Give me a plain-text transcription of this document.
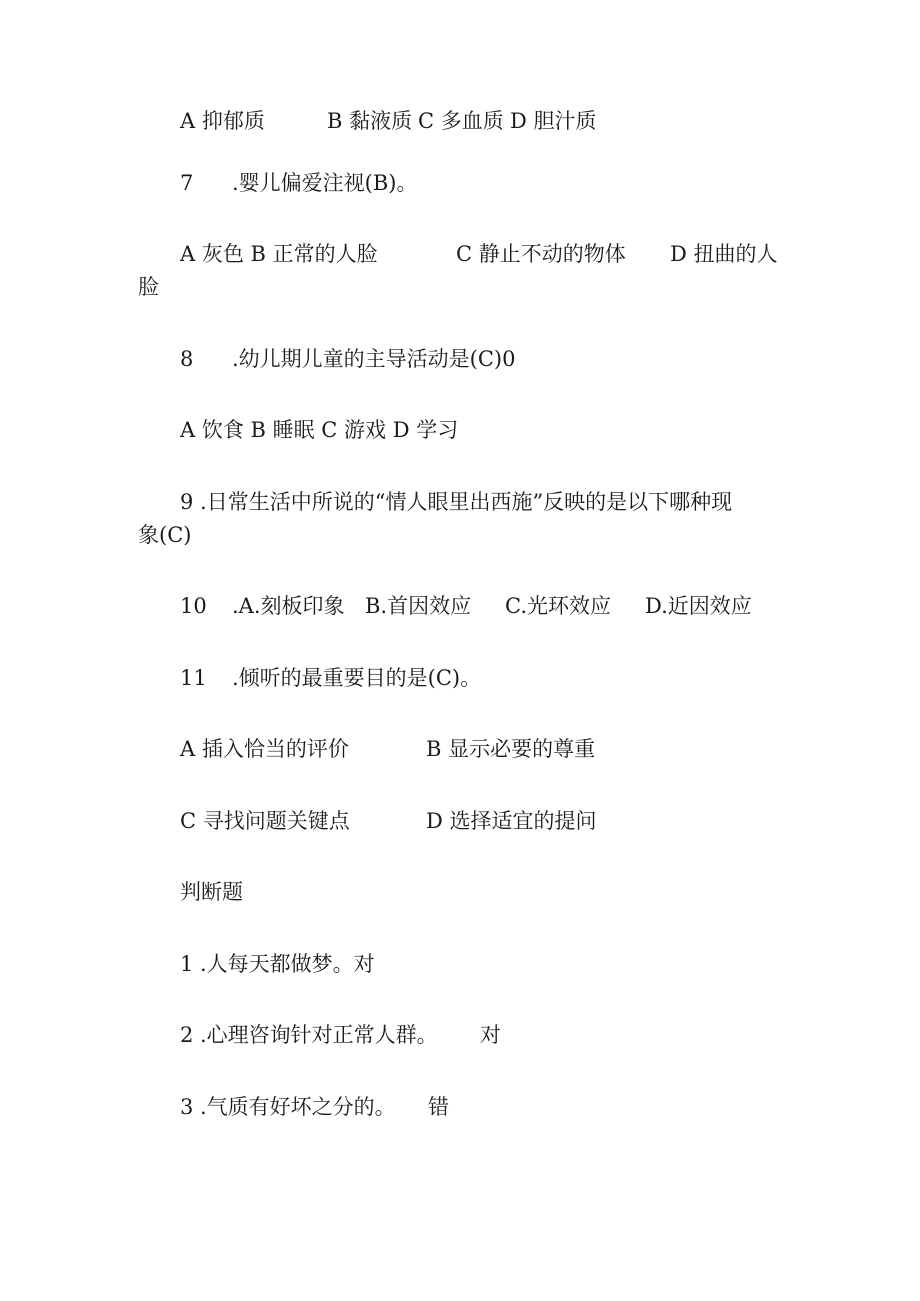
A 抑郁质	B 黏液质 C 多血质 D 胆汁质
7 .婴儿偏爱注视(B)。
A 灰色 B 正常的人脸	C 静止不动的物体 D 扭曲的人
脸
8 .幼儿期儿童的主导活动是(C)0
A 饮食 B 睡眠 C 游戏 D 学习
9 .日常生活中所说的“情人眼里出西施”反映的是以下哪种现
象(C)
10 .A.刻板印象 B.首因效应 C.光环效应 D.近因效应
11 .倾听的最重要目的是(C)。
A 插入恰当的评价	B 显示必要的尊重
C 寻找问题关键点	D 选择适宜的提问
判断题
1 .人每天都做梦。对
2 .心理咨询针对正常人群。 对
3 .气质有好坏之分的。 错
